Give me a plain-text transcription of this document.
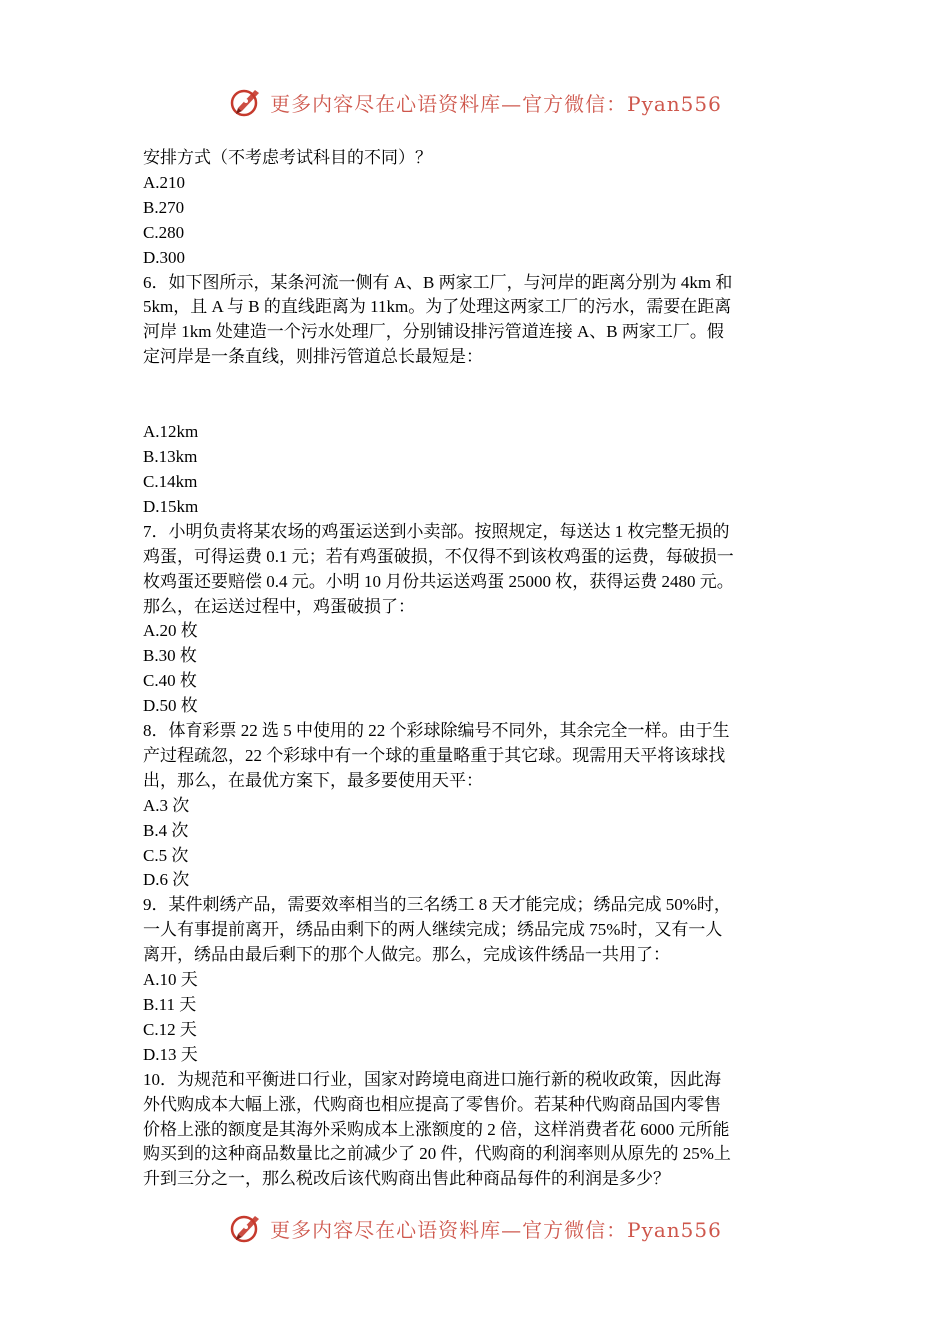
更多内容尽在心语资料库—官方微信：Pyan556

安排方式（不考虑考试科目的不同）？

A.210

B.270

C.280

D.300

6．如下图所示，某条河流一侧有 A、B 两家工厂，与河岸的距离分别为 4km 和

5km，且 A 与 B 的直线距离为 11km。为了处理这两家工厂的污水，需要在距离

河岸 1km 处建造一个污水处理厂，分别铺设排污管道连接 A、B 两家工厂。假

定河岸是一条直线，则排污管道总长最短是：

A.12km

B.13km

C.14km

D.15km

7．小明负责将某农场的鸡蛋运送到小卖部。按照规定，每送达 1 枚完整无损的

鸡蛋，可得运费 0.1 元；若有鸡蛋破损，不仅得不到该枚鸡蛋的运费，每破损一

枚鸡蛋还要赔偿 0.4 元。小明 10 月份共运送鸡蛋 25000 枚，获得运费 2480 元。

那么，在运送过程中，鸡蛋破损了：

A.20 枚

B.30 枚

C.40 枚

D.50 枚

8．体育彩票 22 选 5 中使用的 22 个彩球除编号不同外，其余完全一样。由于生

产过程疏忽，22 个彩球中有一个球的重量略重于其它球。现需用天平将该球找

出，那么，在最优方案下，最多要使用天平：

A.3 次

B.4 次

C.5 次

D.6 次

9．某件刺绣产品，需要效率相当的三名绣工 8 天才能完成；绣品完成 50%时，

一人有事提前离开，绣品由剩下的两人继续完成；绣品完成 75%时，又有一人

离开，绣品由最后剩下的那个人做完。那么，完成该件绣品一共用了：

A.10 天

B.11 天

C.12 天

D.13 天

10．为规范和平衡进口行业，国家对跨境电商进口施行新的税收政策，因此海

外代购成本大幅上涨，代购商也相应提高了零售价。若某种代购商品国内零售

价格上涨的额度是其海外采购成本上涨额度的 2 倍，这样消费者花 6000 元所能

购买到的这种商品数量比之前减少了 20 件，代购商的利润率则从原先的 25%上

升到三分之一，那么税改后该代购商出售此种商品每件的利润是多少？

更多内容尽在心语资料库—官方微信：Pyan556
